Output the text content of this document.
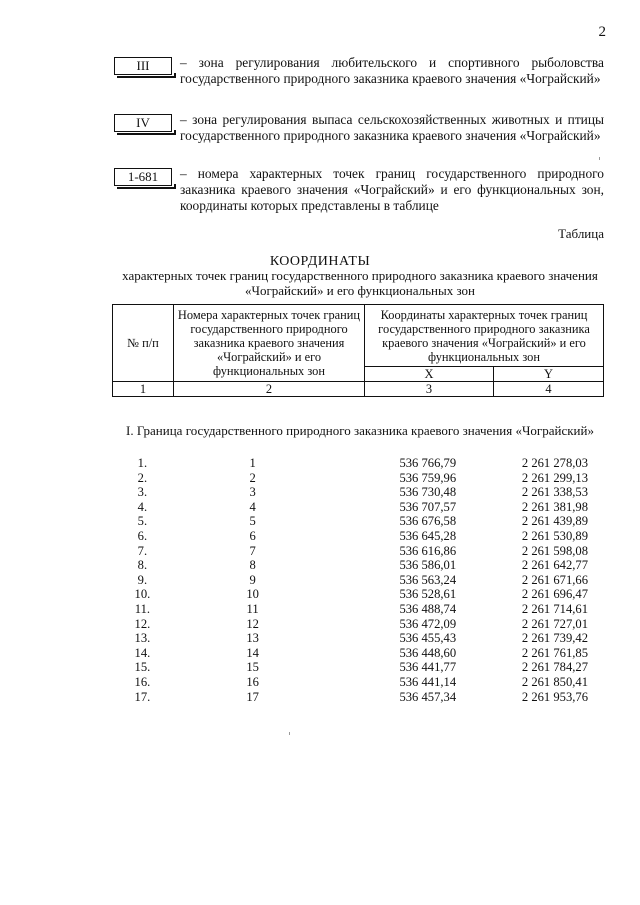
2
III	– зона регулирования любительского и спортивного рыболовства государственного природного заказника краевого значения «Чограйский»
IV	– зона регулирования выпаса сельскохозяйственных животных и птицы государственного природного заказника краевого значения «Чограйский»
1-681	– номера характерных точек границ государственного природного заказника краевого значения «Чограйский» и его функциональных зон, координаты которых представлены в таблице
Таблица
КООРДИНАТЫ
характерных точек границ государственного природного заказника краевого значения «Чограйский» и его функциональных зон
№ п/п	Номера характерных точек границ государственного природного заказника краевого значения «Чограйский» и его функциональных зон	Координаты характерных точек границ государственного природного заказника краевого значения «Чограйский» и его функциональных зон	
		X	Y
1	2	3	4
I. Граница государственного природного заказника краевого значения «Чограйский»
1.	1	536 766,79	2 261 278,03
2.	2	536 759,96	2 261 299,13
3.	3	536 730,48	2 261 338,53
4.	4	536 707,57	2 261 381,98
5.	5	536 676,58	2 261 439,89
6.	6	536 645,28	2 261 530,89
7.	7	536 616,86	2 261 598,08
8.	8	536 586,01	2 261 642,77
9.	9	536 563,24	2 261 671,66
10.	10	536 528,61	2 261 696,47
11.	11	536 488,74	2 261 714,61
12.	12	536 472,09	2 261 727,01
13.	13	536 455,43	2 261 739,42
14.	14	536 448,60	2 261 761,85
15.	15	536 441,77	2 261 784,27
16.	16	536 441,14	2 261 850,41
17.	17	536 457,34	2 261 953,76
